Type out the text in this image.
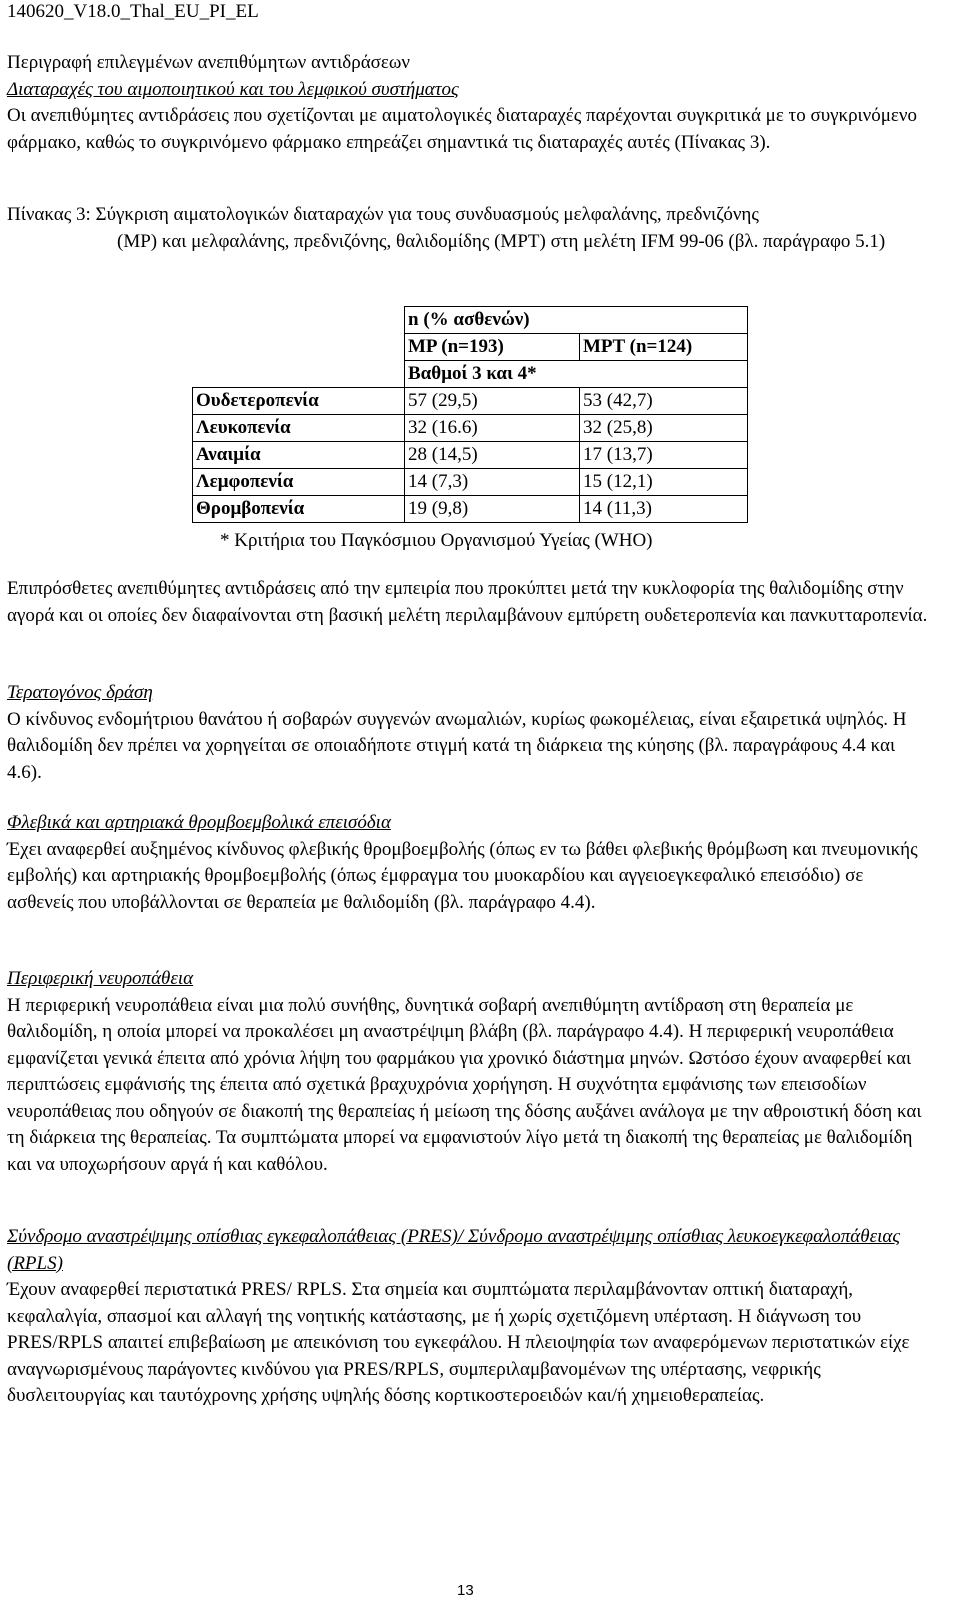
140620_V18.0_Thal_EU_PI_EL

Περιγραφή επιλεγμένων ανεπιθύμητων αντιδράσεων

Διαταραχές του αιμοποιητικού και του λεμφικού συστήματος

Οι ανεπιθύμητες αντιδράσεις που σχετίζονται με αιματολογικές διαταραχές παρέχονται συγκριτικά με το συγκρινόμενο φάρμακο, καθώς το συγκρινόμενο φάρμακο επηρεάζει σημαντικά τις διαταραχές αυτές (Πίνακας 3).

Πίνακας 3: Σύγκριση αιματολογικών διαταραχών για τους συνδυασμούς μελφαλάνης, πρεδνιζόνης

(MP) και μελφαλάνης, πρεδνιζόνης, θαλιδομίδης (MPT) στη μελέτη IFM 99-06 (βλ. παράγραφο 5.1)

	n (% ασθενών)	
	MP (n=193)	MPT (n=124)
	Βαθμοί 3 και 4*	
Ουδετεροπενία	57 (29,5)	53 (42,7)
Λευκοπενία	32 (16.6)	32 (25,8)
Αναιμία	28 (14,5)	17 (13,7)
Λεμφοπενία	14 (7,3)	15 (12,1)
Θρομβοπενία	19 (9,8)	14 (11,3)
* Κριτήρια του Παγκόσμιου Οργανισμού Υγείας (WHO)
Επιπρόσθετες ανεπιθύμητες αντιδράσεις από την εμπειρία που προκύπτει μετά την κυκλοφορία της θαλιδομίδης στην αγορά και οι οποίες δεν διαφαίνονται στη βασική μελέτη περιλαμβάνουν εμπύρετη ουδετεροπενία και πανκυτταροπενία.

Τερατογόνος δράση

Ο κίνδυνος ενδομήτριου θανάτου ή σοβαρών συγγενών ανωμαλιών, κυρίως φωκομέλειας, είναι εξαιρετικά υψηλός. Η θαλιδομίδη δεν πρέπει να χορηγείται σε οποιαδήποτε στιγμή κατά τη διάρκεια της κύησης (βλ. παραγράφους 4.4 και 4.6).

Φλεβικά και αρτηριακά θρομβοεμβολικά επεισόδια

Έχει αναφερθεί αυξημένος κίνδυνος φλεβικής θρομβοεμβολής (όπως εν τω βάθει φλεβικής θρόμβωση και πνευμονικής εμβολής) και αρτηριακής θρομβοεμβολής (όπως έμφραγμα του μυοκαρδίου και αγγειοεγκεφαλικό επεισόδιο) σε ασθενείς που υποβάλλονται σε θεραπεία με θαλιδομίδη (βλ. παράγραφο 4.4).

Περιφερική νευροπάθεια

Η περιφερική νευροπάθεια είναι μια πολύ συνήθης, δυνητικά σοβαρή ανεπιθύμητη αντίδραση στη θεραπεία με θαλιδομίδη, η οποία μπορεί να προκαλέσει μη αναστρέψιμη βλάβη (βλ. παράγραφο 4.4). Η περιφερική νευροπάθεια εμφανίζεται γενικά έπειτα από χρόνια λήψη του φαρμάκου για χρονικό διάστημα μηνών. Ωστόσο έχουν αναφερθεί και περιπτώσεις εμφάνισής της έπειτα από σχετικά βραχυχρόνια χορήγηση. Η συχνότητα εμφάνισης των επεισοδίων νευροπάθειας που οδηγούν σε διακοπή της θεραπείας ή μείωση της δόσης αυξάνει ανάλογα με την αθροιστική δόση και τη διάρκεια της θεραπείας. Τα συμπτώματα μπορεί να εμφανιστούν λίγο μετά τη διακοπή της θεραπείας με θαλιδομίδη και να υποχωρήσουν αργά ή και καθόλου.

Σύνδρομο αναστρέψιμης οπίσθιας εγκεφαλοπάθειας (PRES)/ Σύνδρομο αναστρέψιμης οπίσθιας λευκοεγκεφαλοπάθειας (RPLS)

Έχουν αναφερθεί περιστατικά PRES/ RPLS. Στα σημεία και συμπτώματα περιλαμβάνονταν οπτική διαταραχή, κεφαλαλγία, σπασμοί και αλλαγή της νοητικής κατάστασης, με ή χωρίς σχετιζόμενη υπέρταση. Η διάγνωση του PRES/RPLS απαιτεί επιβεβαίωση με απεικόνιση του εγκεφάλου. Η πλειοψηφία των αναφερόμενων περιστατικών είχε αναγνωρισμένους παράγοντες κινδύνου για PRES/RPLS, συμπεριλαμβανομένων της υπέρτασης, νεφρικής δυσλειτουργίας και ταυτόχρονης χρήσης υψηλής δόσης κορτικοστεροειδών και/ή χημειοθεραπείας.

13
